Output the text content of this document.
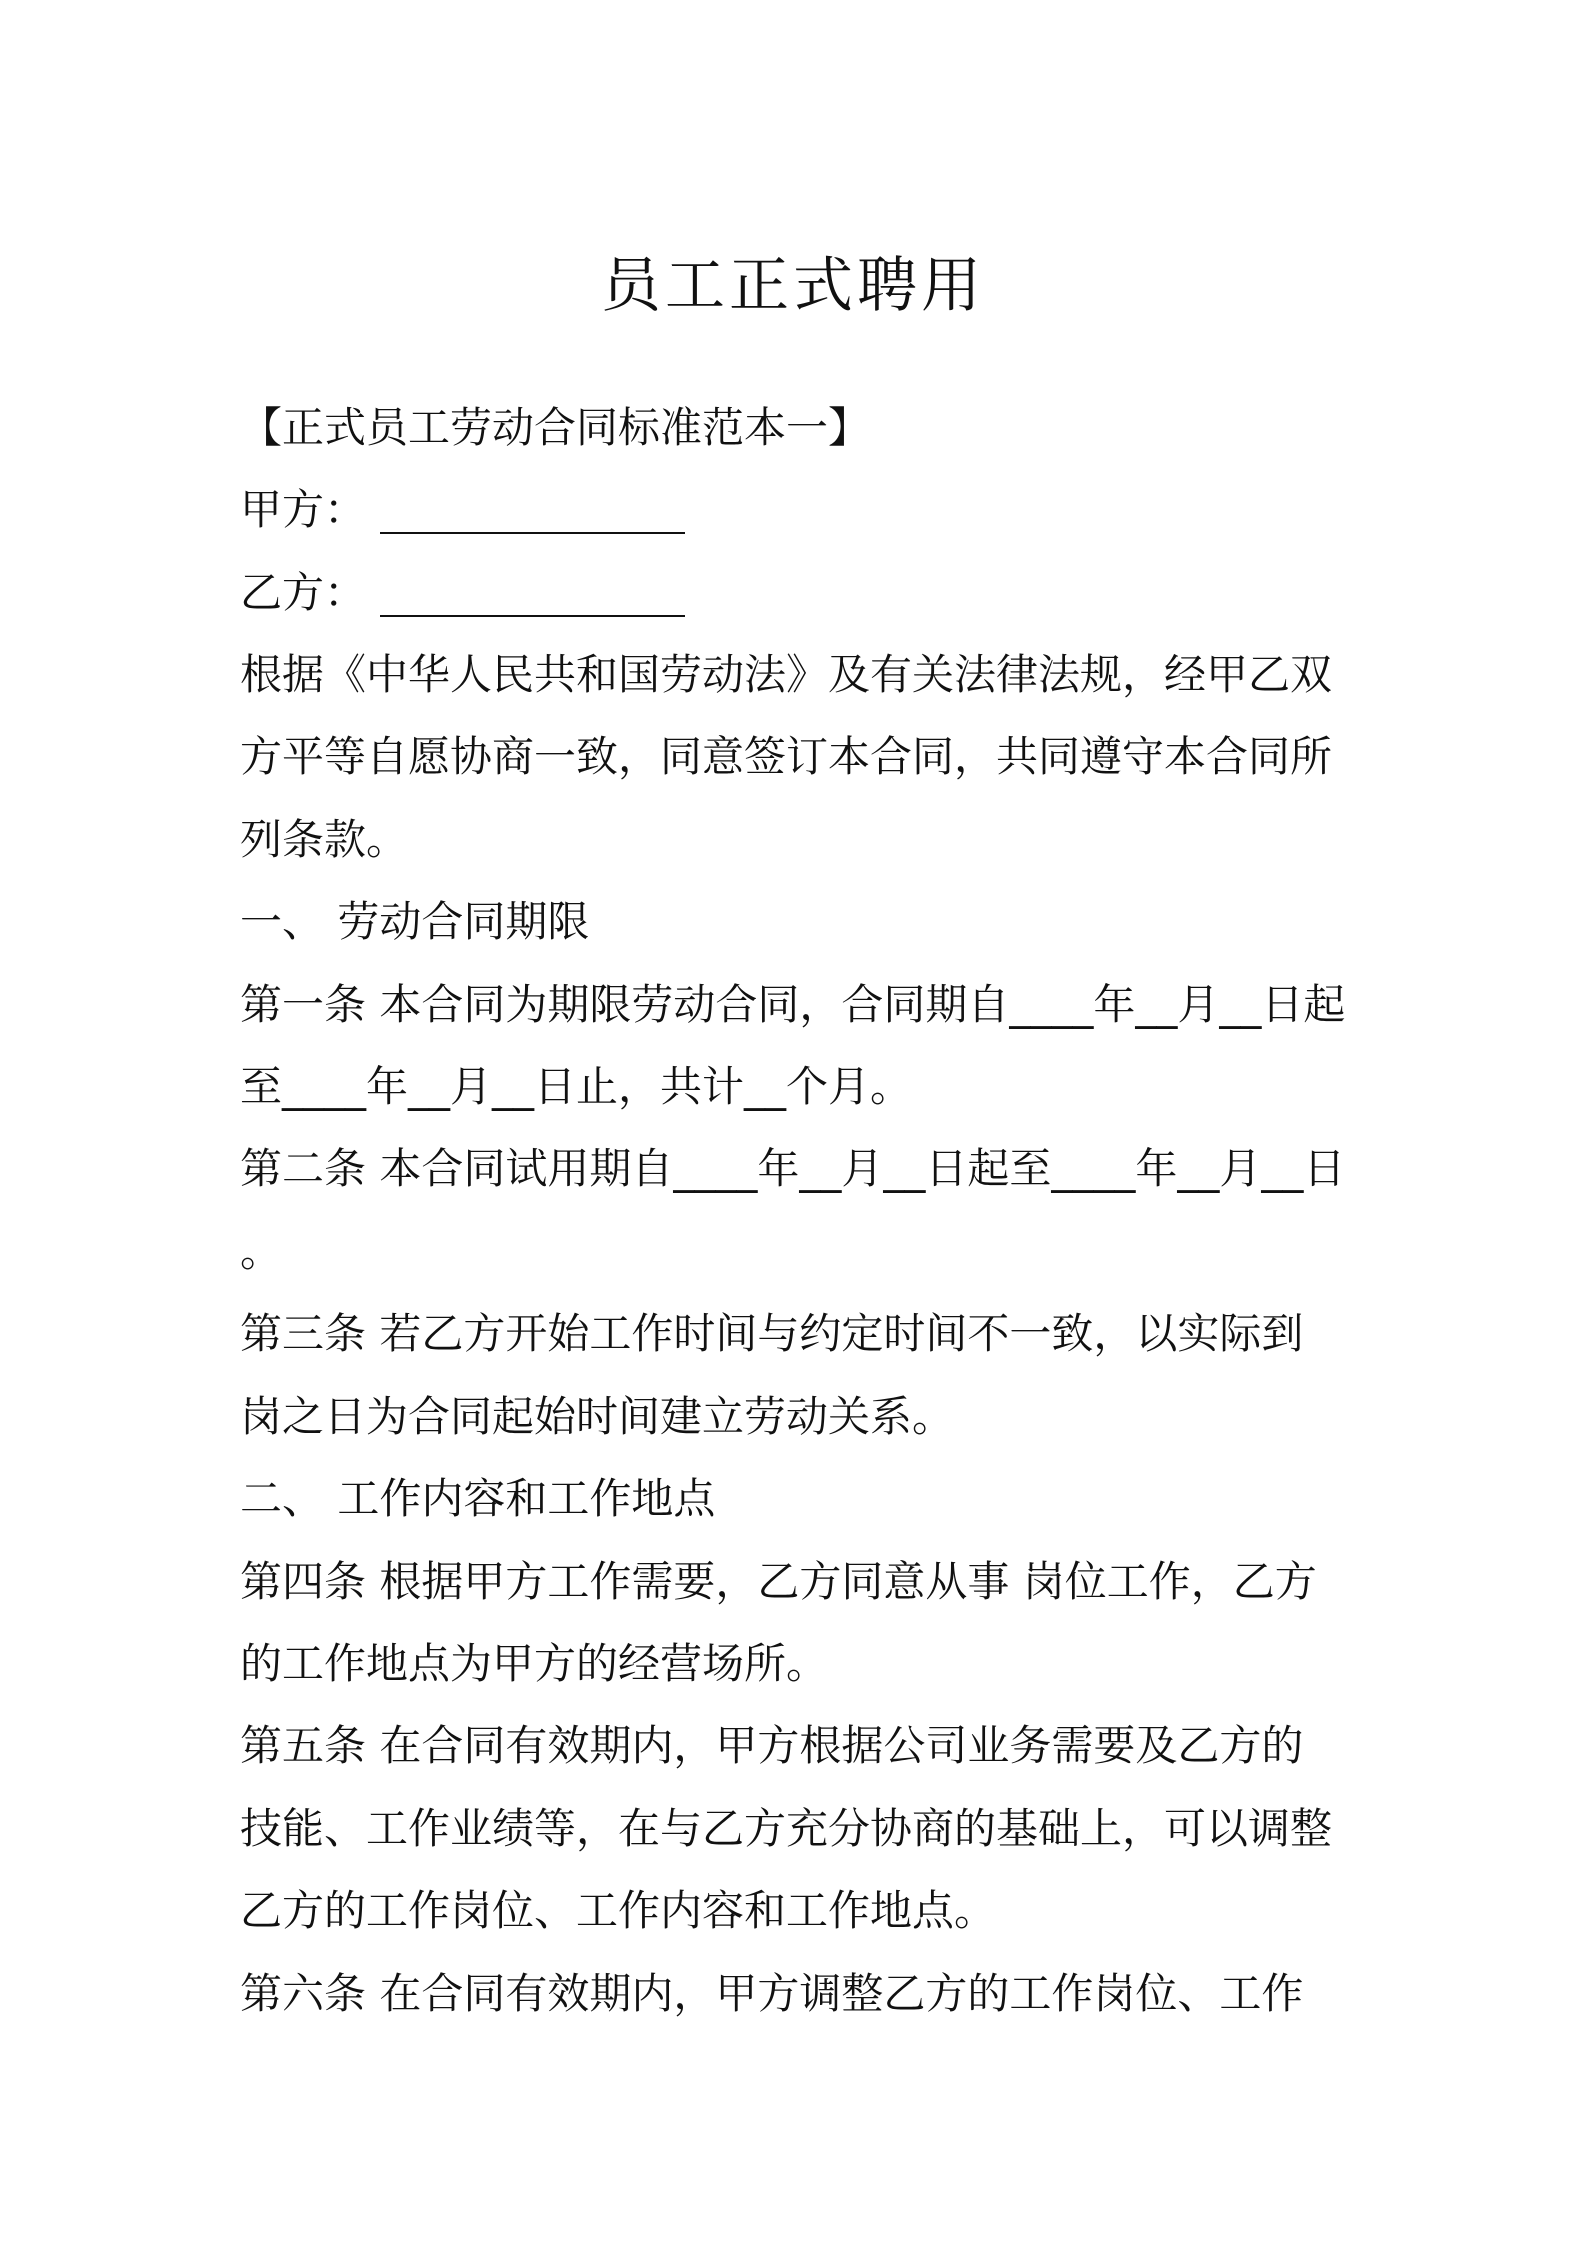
员工正式聘用
【正式员工劳动合同标准范本一】
甲方：
乙方：
根据《中华人民共和国劳动法》及有关法律法规，经甲乙双
方平等自愿协商一致，同意签订本合同，共同遵守本合同所
列条款。
一、 劳动合同期限
第一条 本合同为期限劳动合同，合同期自____年__月__日起
至____年__月__日止，共计__个月。
第二条 本合同试用期自____年__月__日起至____年__月__日
。
第三条 若乙方开始工作时间与约定时间不一致，以实际到
岗之日为合同起始时间建立劳动关系。
二、 工作内容和工作地点
第四条 根据甲方工作需要，乙方同意从事 岗位工作，乙方
的工作地点为甲方的经营场所。
第五条 在合同有效期内，甲方根据公司业务需要及乙方的
技能、工作业绩等，在与乙方充分协商的基础上，可以调整
乙方的工作岗位、工作内容和工作地点。
第六条 在合同有效期内，甲方调整乙方的工作岗位、工作
